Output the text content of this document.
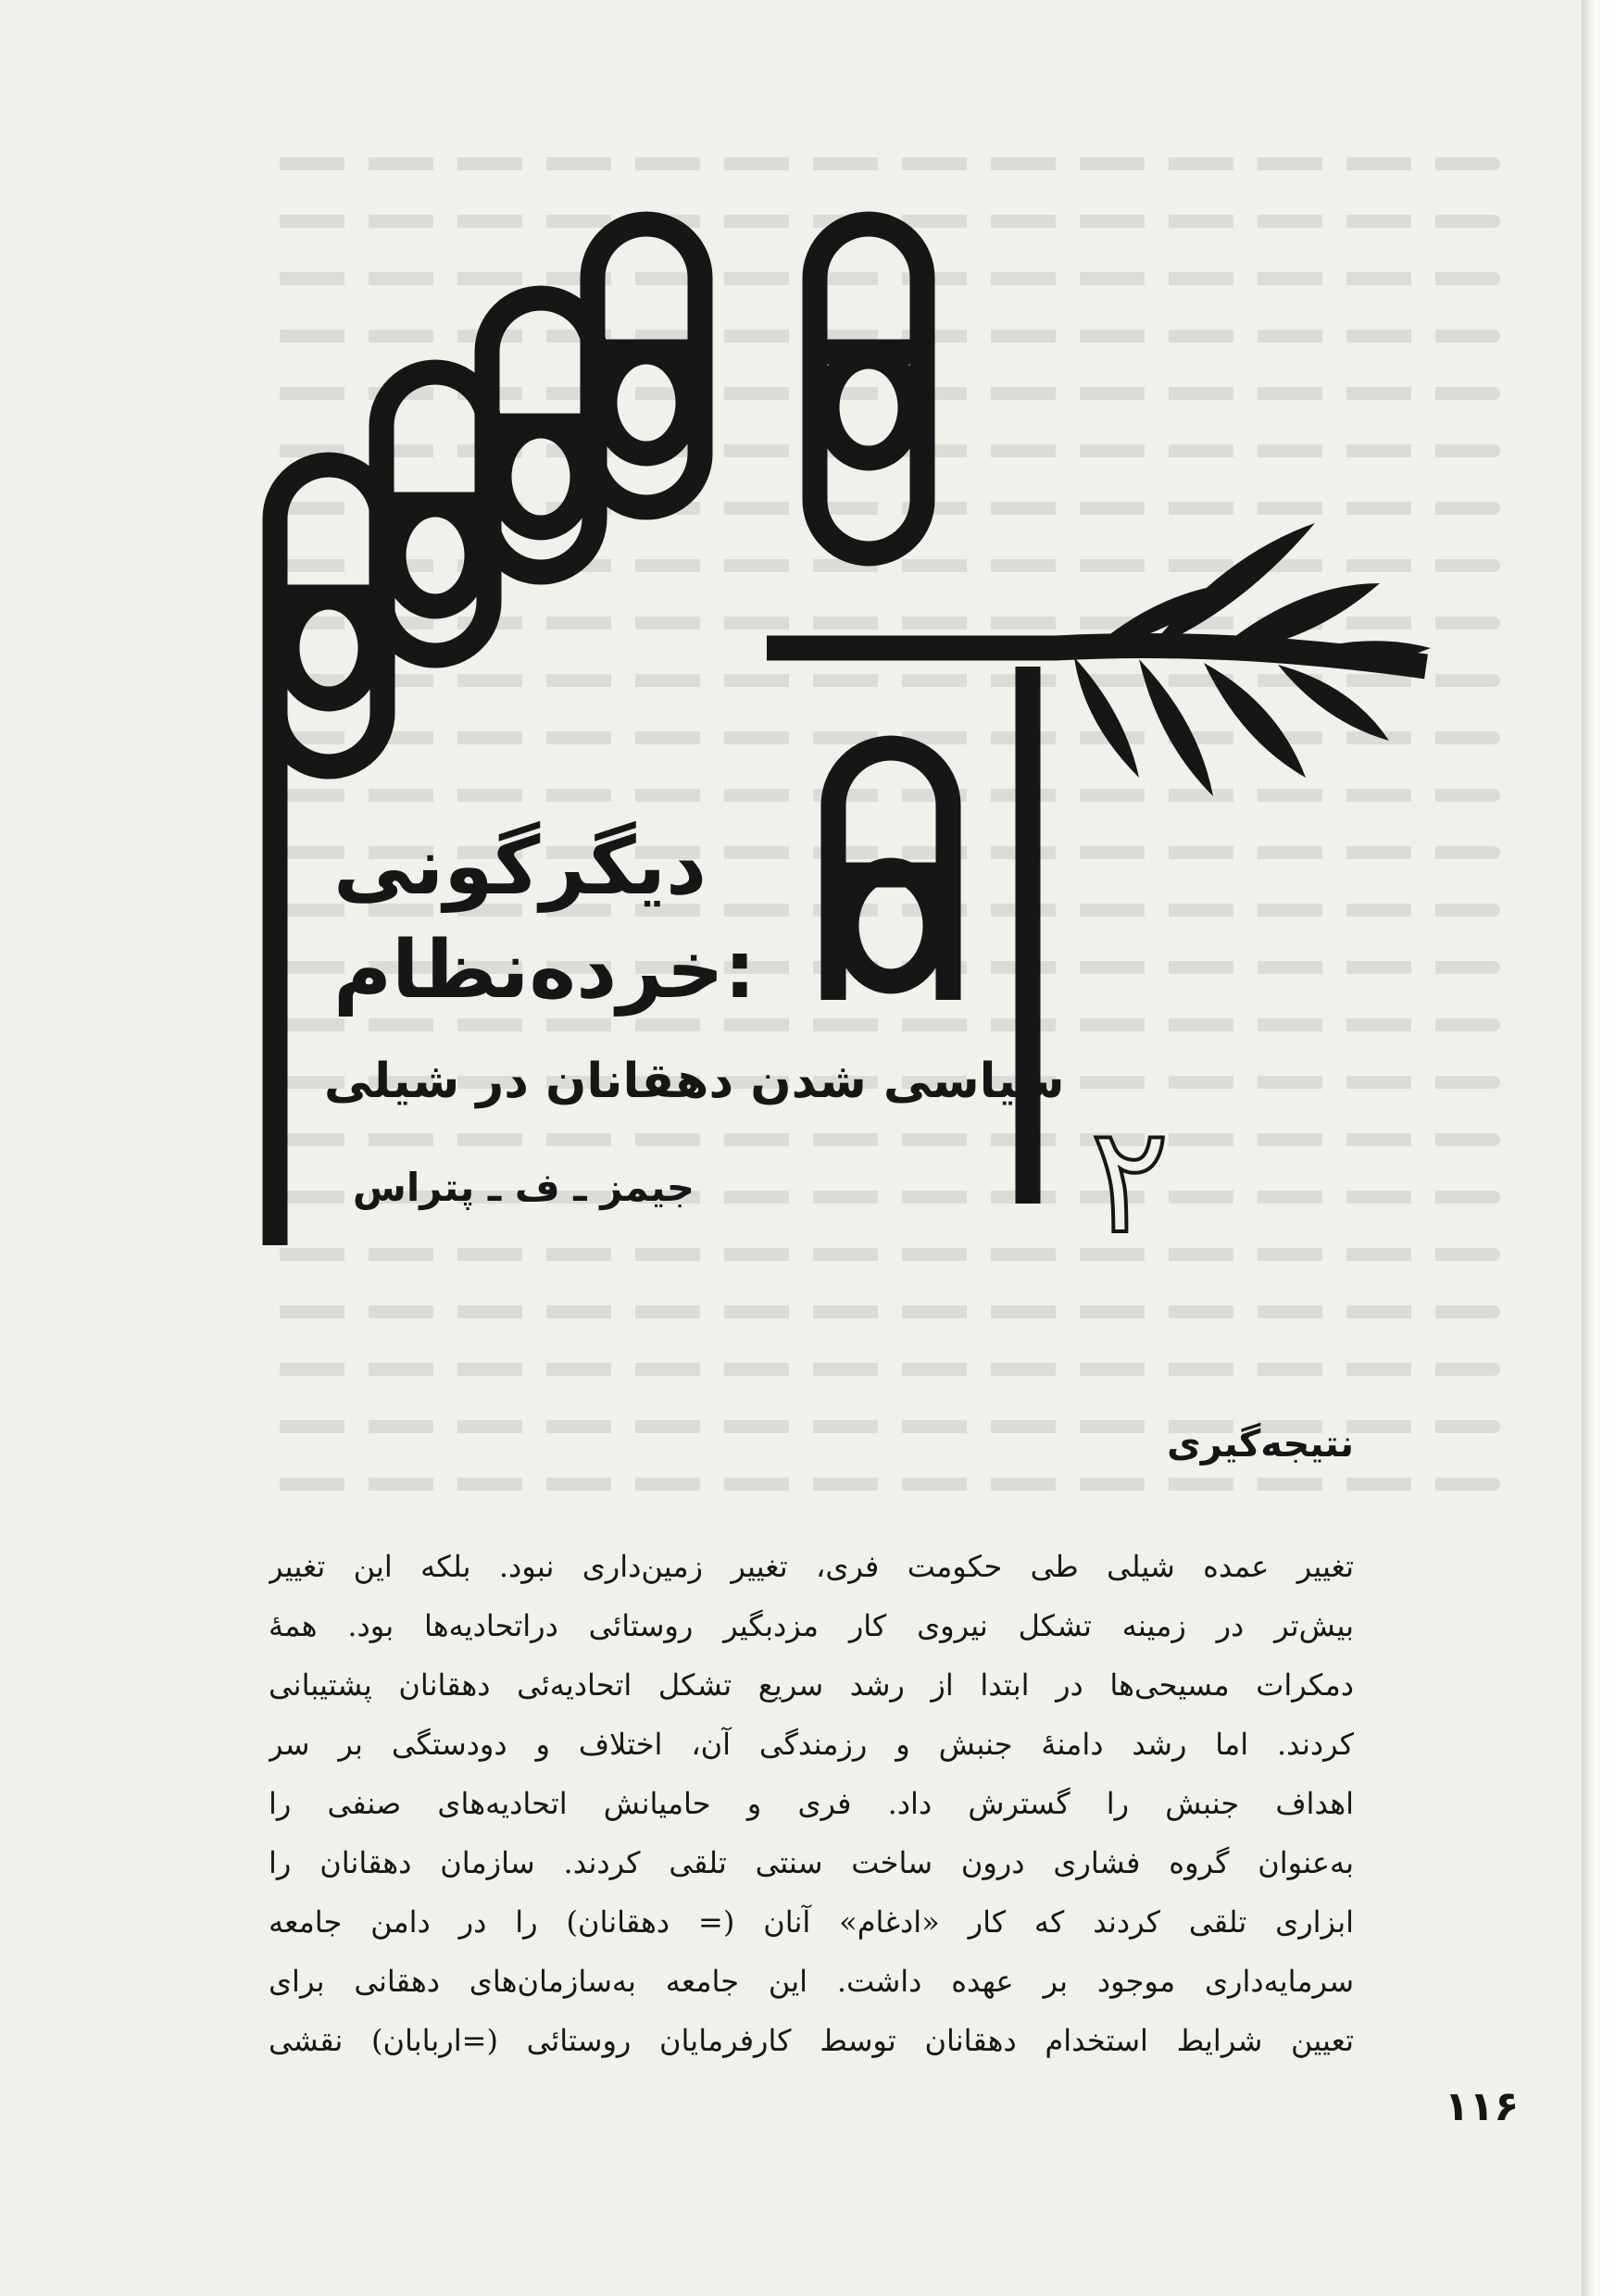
دیگرگونی
خرده‌نظام:
سیاسی شدن دهقانان در شیلی
جیمز ـ ف ـ پتراس	۲
نتیجه‌گیری
تغییر عمده شیلی طی حکومت فری، تغییر زمین‌داری نبود. بلکه این تغییر
بیش‌تر در زمینه تشکل نیروی کار مزدبگیر روستائی دراتحادیه‌ها بود. همهٔ
دمکرات مسیحی‌ها در ابتدا از رشد سریع تشکل اتحادیه‌ئی دهقانان پشتیبانی
کردند. اما رشد دامنهٔ جنبش و رزمندگی آن، اختلاف و دودستگی بر سر
اهداف جنبش را گسترش داد. فری و حامیانش اتحادیه‌های صنفی را
به‌عنوان گروه فشاری درون ساخت سنتی تلقی کردند. سازمان دهقانان را
ابزاری تلقی کردند که کار «ادغام» آنان (= دهقانان) را در دامن جامعه
سرمایه‌داری موجود بر عهده داشت. این جامعه به‌سازمان‌های دهقانی برای
تعیین شرایط استخدام دهقانان توسط کارفرمایان روستائی (=اربابان) نقشی
۱۱۶
